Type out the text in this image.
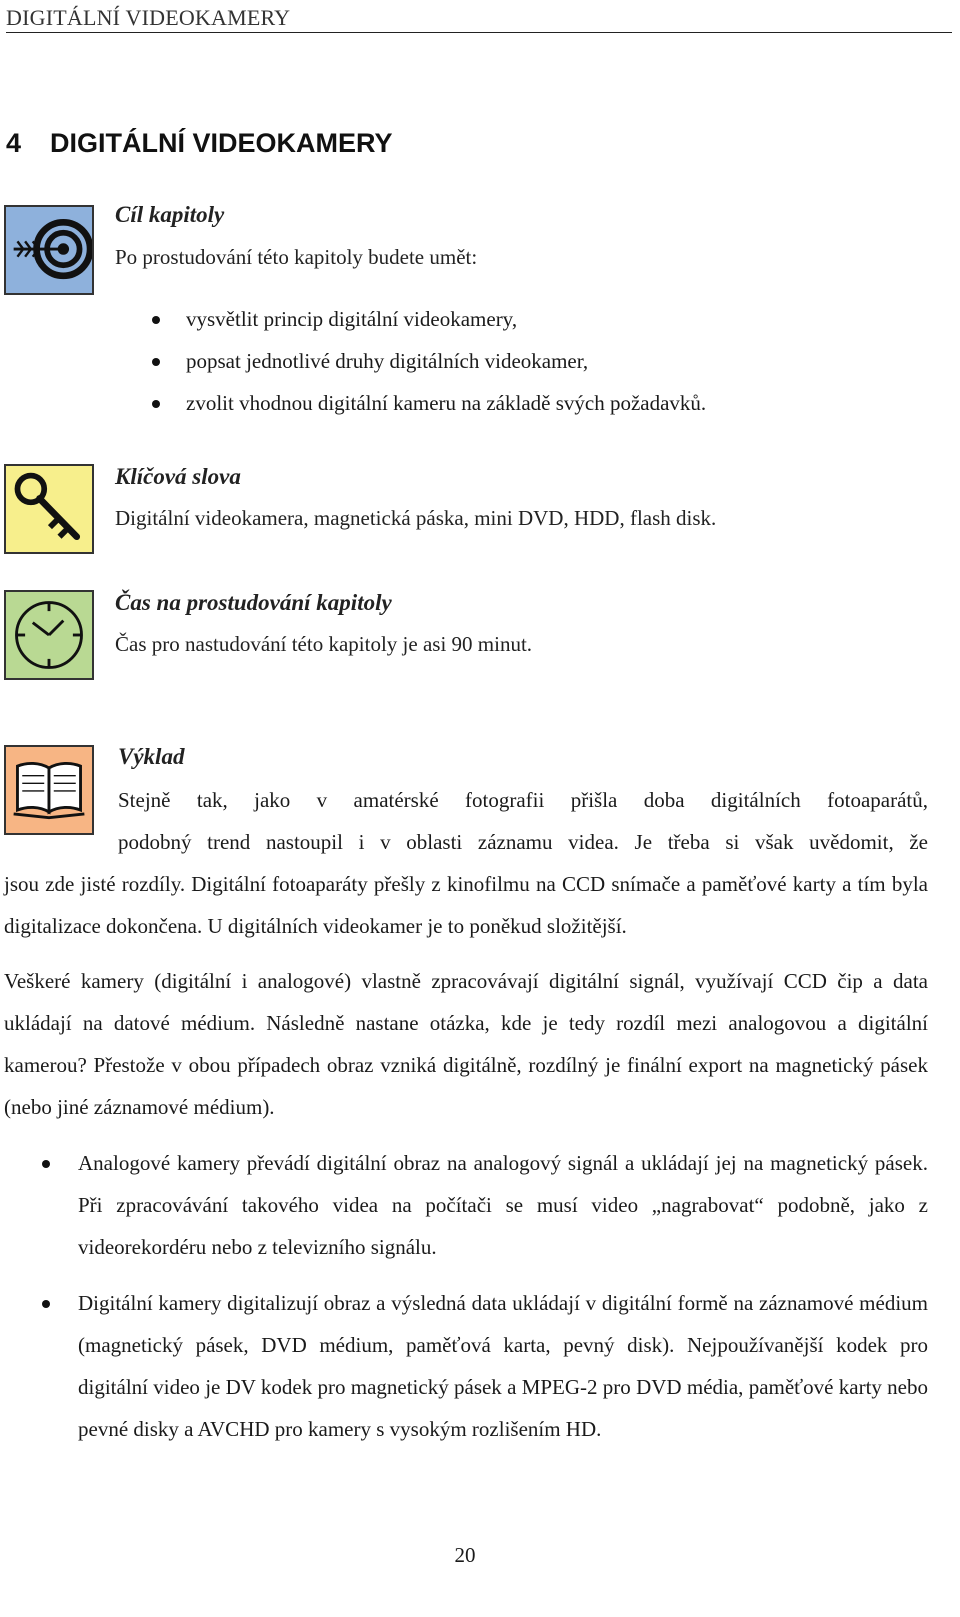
DIGITÁLNÍ VIDEOKAMERY
4 DIGITÁLNÍ VIDEOKAMERY
Cíl kapitoly
Po prostudování této kapitoly budete umět:
vysvětlit princip digitální videokamery,
popsat jednotlivé druhy digitálních videokamer,
zvolit vhodnou digitální kameru na základě svých požadavků.
Klíčová slova
Digitální videokamera, magnetická páska, mini DVD, HDD, flash disk.
Čas na prostudování kapitoly
Čas pro nastudování této kapitoly je asi 90 minut.
Výklad

Stejně tak, jako v amatérské fotografii přišla doba digitálních fotoaparátů,

podobný trend nastoupil i v oblasti záznamu videa. Je třeba si však uvědomit, že

jsou zde jisté rozdíly. Digitální fotoaparáty přešly z kinofilmu na CCD snímače a paměťové karty a tím byla digitalizace dokončena. U digitálních videokamer je to poněkud složitější.

Veškeré kamery (digitální i analogové) vlastně zpracovávají digitální signál, využívají CCD čip a data ukládají na datové médium. Následně nastane otázka, kde je tedy rozdíl mezi analogovou a digitální kamerou? Přestože v obou případech obraz vzniká digitálně, rozdílný je finální export na magnetický pásek (nebo jiné záznamové médium).

Analogové kamery převádí digitální obraz na analogový signál a ukládají jej na magnetický pásek. Při zpracovávání takového videa na počítači se musí video „nagrabovat“ podobně, jako z videorekordéru nebo z televizního signálu.
Digitální kamery digitalizují obraz a výsledná data ukládají v digitální formě na záznamové médium (magnetický pásek, DVD médium, paměťová karta, pevný disk). Nejpoužívanější kodek pro digitální video je DV kodek pro magnetický pásek a MPEG-2 pro DVD média, paměťové karty nebo pevné disky a AVCHD pro kamery s vysokým rozlišením HD.
20
